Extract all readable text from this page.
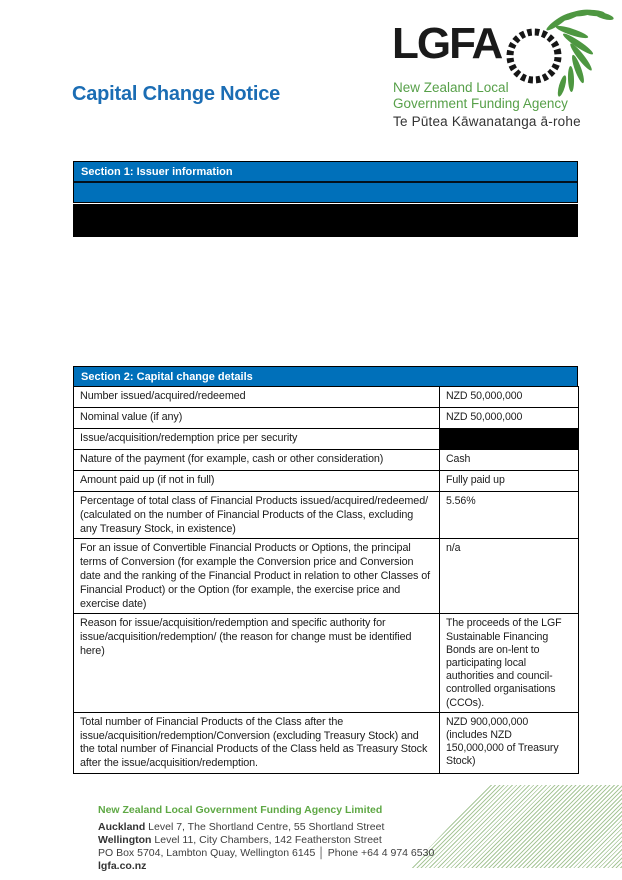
Capital Change Notice
LGFA
New Zealand Local
Government Funding Agency
Te Pūtea Kāwanatanga ā-rohe
Section 1: Issuer information
Section 2: Capital change details
Number issued/acquired/redeemed	NZD 50,000,000
Nominal value (if any)	NZD 50,000,000
Issue/acquisition/redemption price per security	
Nature of the payment (for example, cash or other consideration)	Cash
Amount paid up (if not in full)	Fully paid up
Percentage of total class of Financial Products issued/acquired/redeemed/ (calculated on the number of Financial Products of the Class, excluding any Treasury Stock, in existence)	5.56%
For an issue of Convertible Financial Products or Options, the principal terms of Conversion (for example the Conversion price and Conversion date and the ranking of the Financial Product in relation to other Classes of Financial Product) or the Option (for example, the exercise price and exercise date)	n/a
Reason for issue/acquisition/redemption and specific authority for issue/acquisition/redemption/ (the reason for change must be identified here)	The proceeds of the LGF Sustainable Financing Bonds are on-lent to participating local authorities and council-controlled organisations (CCOs).
Total number of Financial Products of the Class after the issue/acquisition/redemption/Conversion (excluding Treasury Stock) and the total number of Financial Products of the Class held as Treasury Stock after the issue/acquisition/redemption.	NZD 900,000,000 (includes NZD 150,000,000 of Treasury Stock)
New Zealand Local Government Funding Agency Limited
Auckland Level 7, The Shortland Centre, 55 Shortland Street
Wellington Level 11, City Chambers, 142 Featherston Street
PO Box 5704, Lambton Quay, Wellington 6145 │ Phone +64 4 974 6530
lgfa.co.nz
